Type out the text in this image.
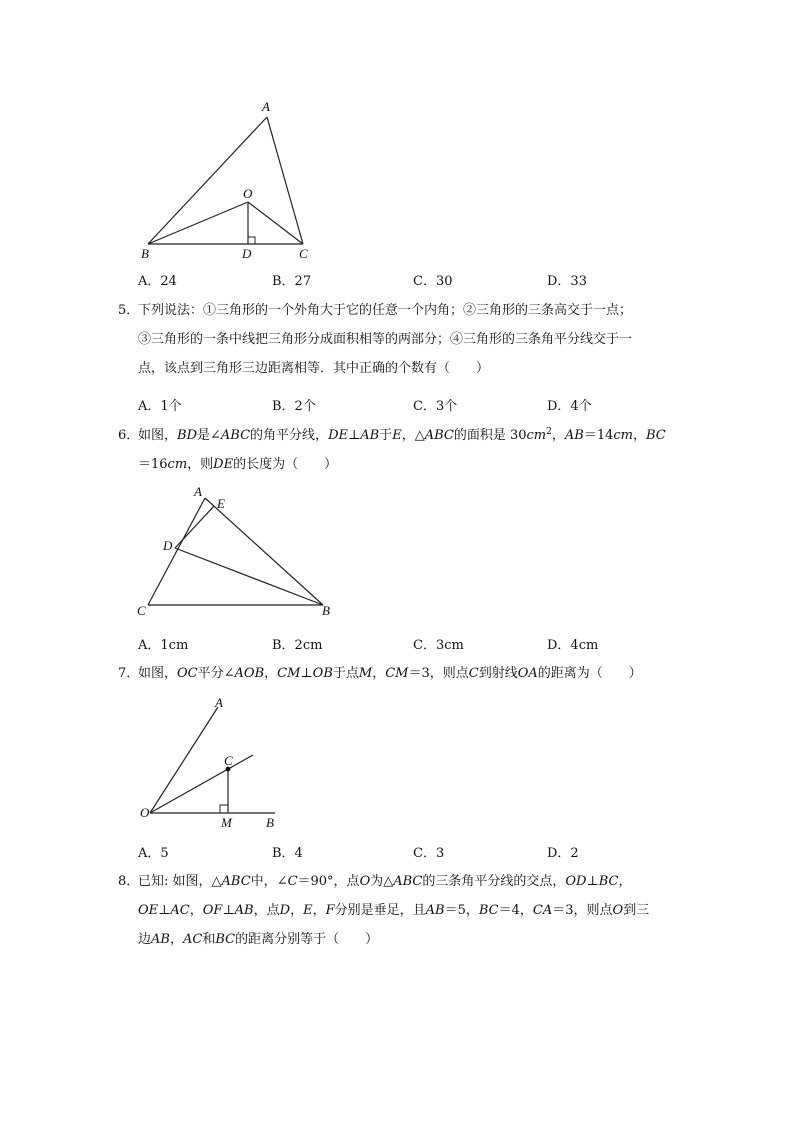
A
O
B	D	C
A．24	B．27	C．30	D．33

5．下列说法：①三角形的一个外角大于它的任意一个内角；②三角形的三条高交于一点；

③三角形的一条中线把三角形分成面积相等的两部分；④三角形的三条角平分线交于一

点，该点到三角形三边距离相等．其中正确的个数有（　　）

A．1个	B．2个	C．3个	D．4个

6．如图，BD是∠ABC的角平分线，DE⊥AB于E，△ABC的面积是 $30cm^2$，AB＝14cm，BC

＝16cm，则DE的长度为（　　）

A
E
D
C	B
A．1cm	B．2cm	C．3cm	D．4cm

7．如图，OC平分∠AOB，CM⊥OB于点M，CM＝3，则点C到射线OA的距离为（　　）

A
C
O
M	B
A．5	B．4	C．3	D．2

8．已知: 如图，△ABC中，∠C＝90°，点O为△ABC的三条角平分线的交点，OD⊥BC，

OE⊥AC，OF⊥AB，点D，E，F分别是垂足，且AB＝5，BC＝4，CA＝3，则点O到三

边AB，AC和BC的距离分别等于（　　）
